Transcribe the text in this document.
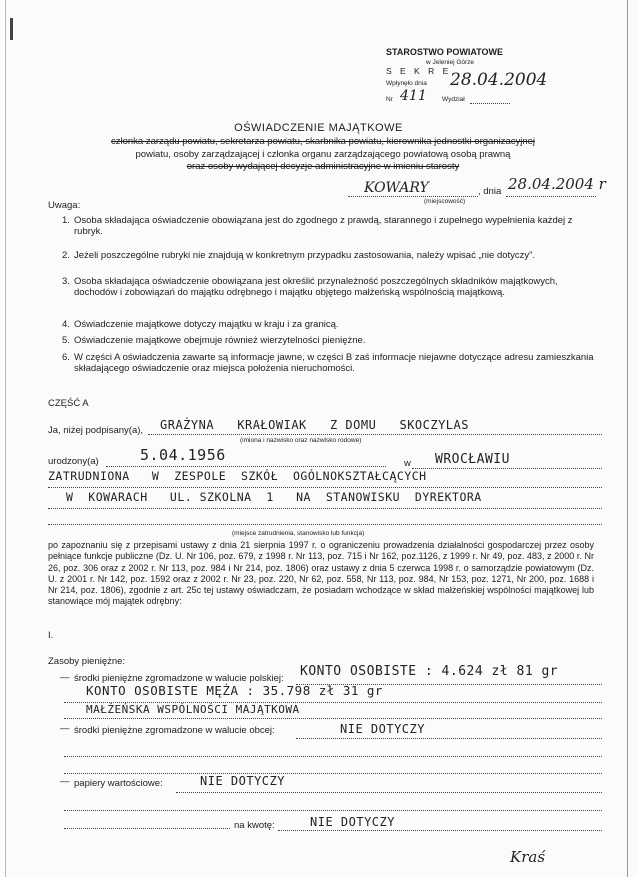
STAROSTWO POWIATOWE
w Jeleniej Górze
S E K R E
Wpłynęło dnia 28.04.2004
Nr 411 Wydział
OŚWIADCZENIE MAJĄTKOWE
członka zarządu powiatu, sekretarza powiatu, skarbnika powiatu, kierownika jednostki organizacyjnej
powiatu, osoby zarządzającej i członka organu zarządzającego powiatową osobą prawną
oraz osoby wydającej decyzje administracyjne w imieniu starosty
KOWARY	, dnia 28.04.2004 r
(miejscowość)
Uwaga:
1. Osoba składająca oświadczenie obowiązana jest do zgodnego z prawdą, starannego i zupełnego wypełnienia każdej z rubryk.
2. Jeżeli poszczególne rubryki nie znajdują w konkretnym przypadku zastosowania, należy wpisać „nie dotyczy”.
3. Osoba składająca oświadczenie obowiązana jest określić przynależność poszczególnych składników majątkowych, dochodów i zobowiązań do majątku odrębnego i majątku objętego małżeńską wspólnością majątkową.
4. Oświadczenie majątkowe dotyczy majątku w kraju i za granicą.
5. Oświadczenie majątkowe obejmuje również wierzytelności pieniężne.
6. W części A oświadczenia zawarte są informacje jawne, w części B zaś informacje niejawne dotyczące adresu zamieszkania składającego oświadczenie oraz miejsca położenia nieruchomości.
CZĘŚĆ A
Ja, niżej podpisany(a), GRAŻYNA   KRAŁOWIAK   Z DOMU   SKOCZYLAS
(imiona i nazwisko oraz nazwisko rodowe)
urodzony(a)	5.04.1956	w WROCŁAWIU
ZATRUDNIONA   W  ZESPOLE  SZKÓŁ  OGÓLNOKSZTAŁCĄCYCH
W  KOWARACH   UL. SZKOLNA  1   NA  STANOWISKU  DYREKTORA
(miejsce zatrudnienia, stanowisko lub funkcja)
po zapoznaniu się z przepisami ustawy z dnia 21 sierpnia 1997 r. o ograniczeniu prowadzenia działalności gospodarczej przez osoby pełniące funkcje publiczne (Dz. U. Nr 106, poz. 679, z 1998 r. Nr 113, poz. 715 i Nr 162, poz.1126, z 1999 r. Nr 49, poz. 483, z 2000 r. Nr 26, poz. 306 oraz z 2002 r. Nr 113, poz. 984 i Nr 214, poz. 1806) oraz ustawy z dnia 5 czerwca 1998 r. o samorządzie powiatowym (Dz. U. z 2001 r. Nr 142, poz. 1592 oraz z 2002 r. Nr 23, poz. 220, Nr 62, poz. 558, Nr 113, poz. 984, Nr 153, poz. 1271, Nr 200, poz. 1688 i Nr 214, poz. 1806), zgodnie z art. 25c tej ustawy oświadczam, że posiadam wchodzące w skład małżeńskiej wspólności majątkowej lub stanowiące mój majątek odrębny:
I.
Zasoby pieniężne:
— środki pieniężne zgromadzone w walucie polskiej: KONTO OSOBISTE : 4.624 zł 81 gr
KONTO OSOBISTE MĘŻA : 35.798 zł 31 gr
MAŁŻEŃSKA WSPÓLNOŚCI MAJĄTKOWA
— środki pieniężne zgromadzone w walucie obcej:	NIE DOTYCZY
— papiery wartościowe:	NIE DOTYCZY
na kwotę:	NIE DOTYCZY
Kraś
